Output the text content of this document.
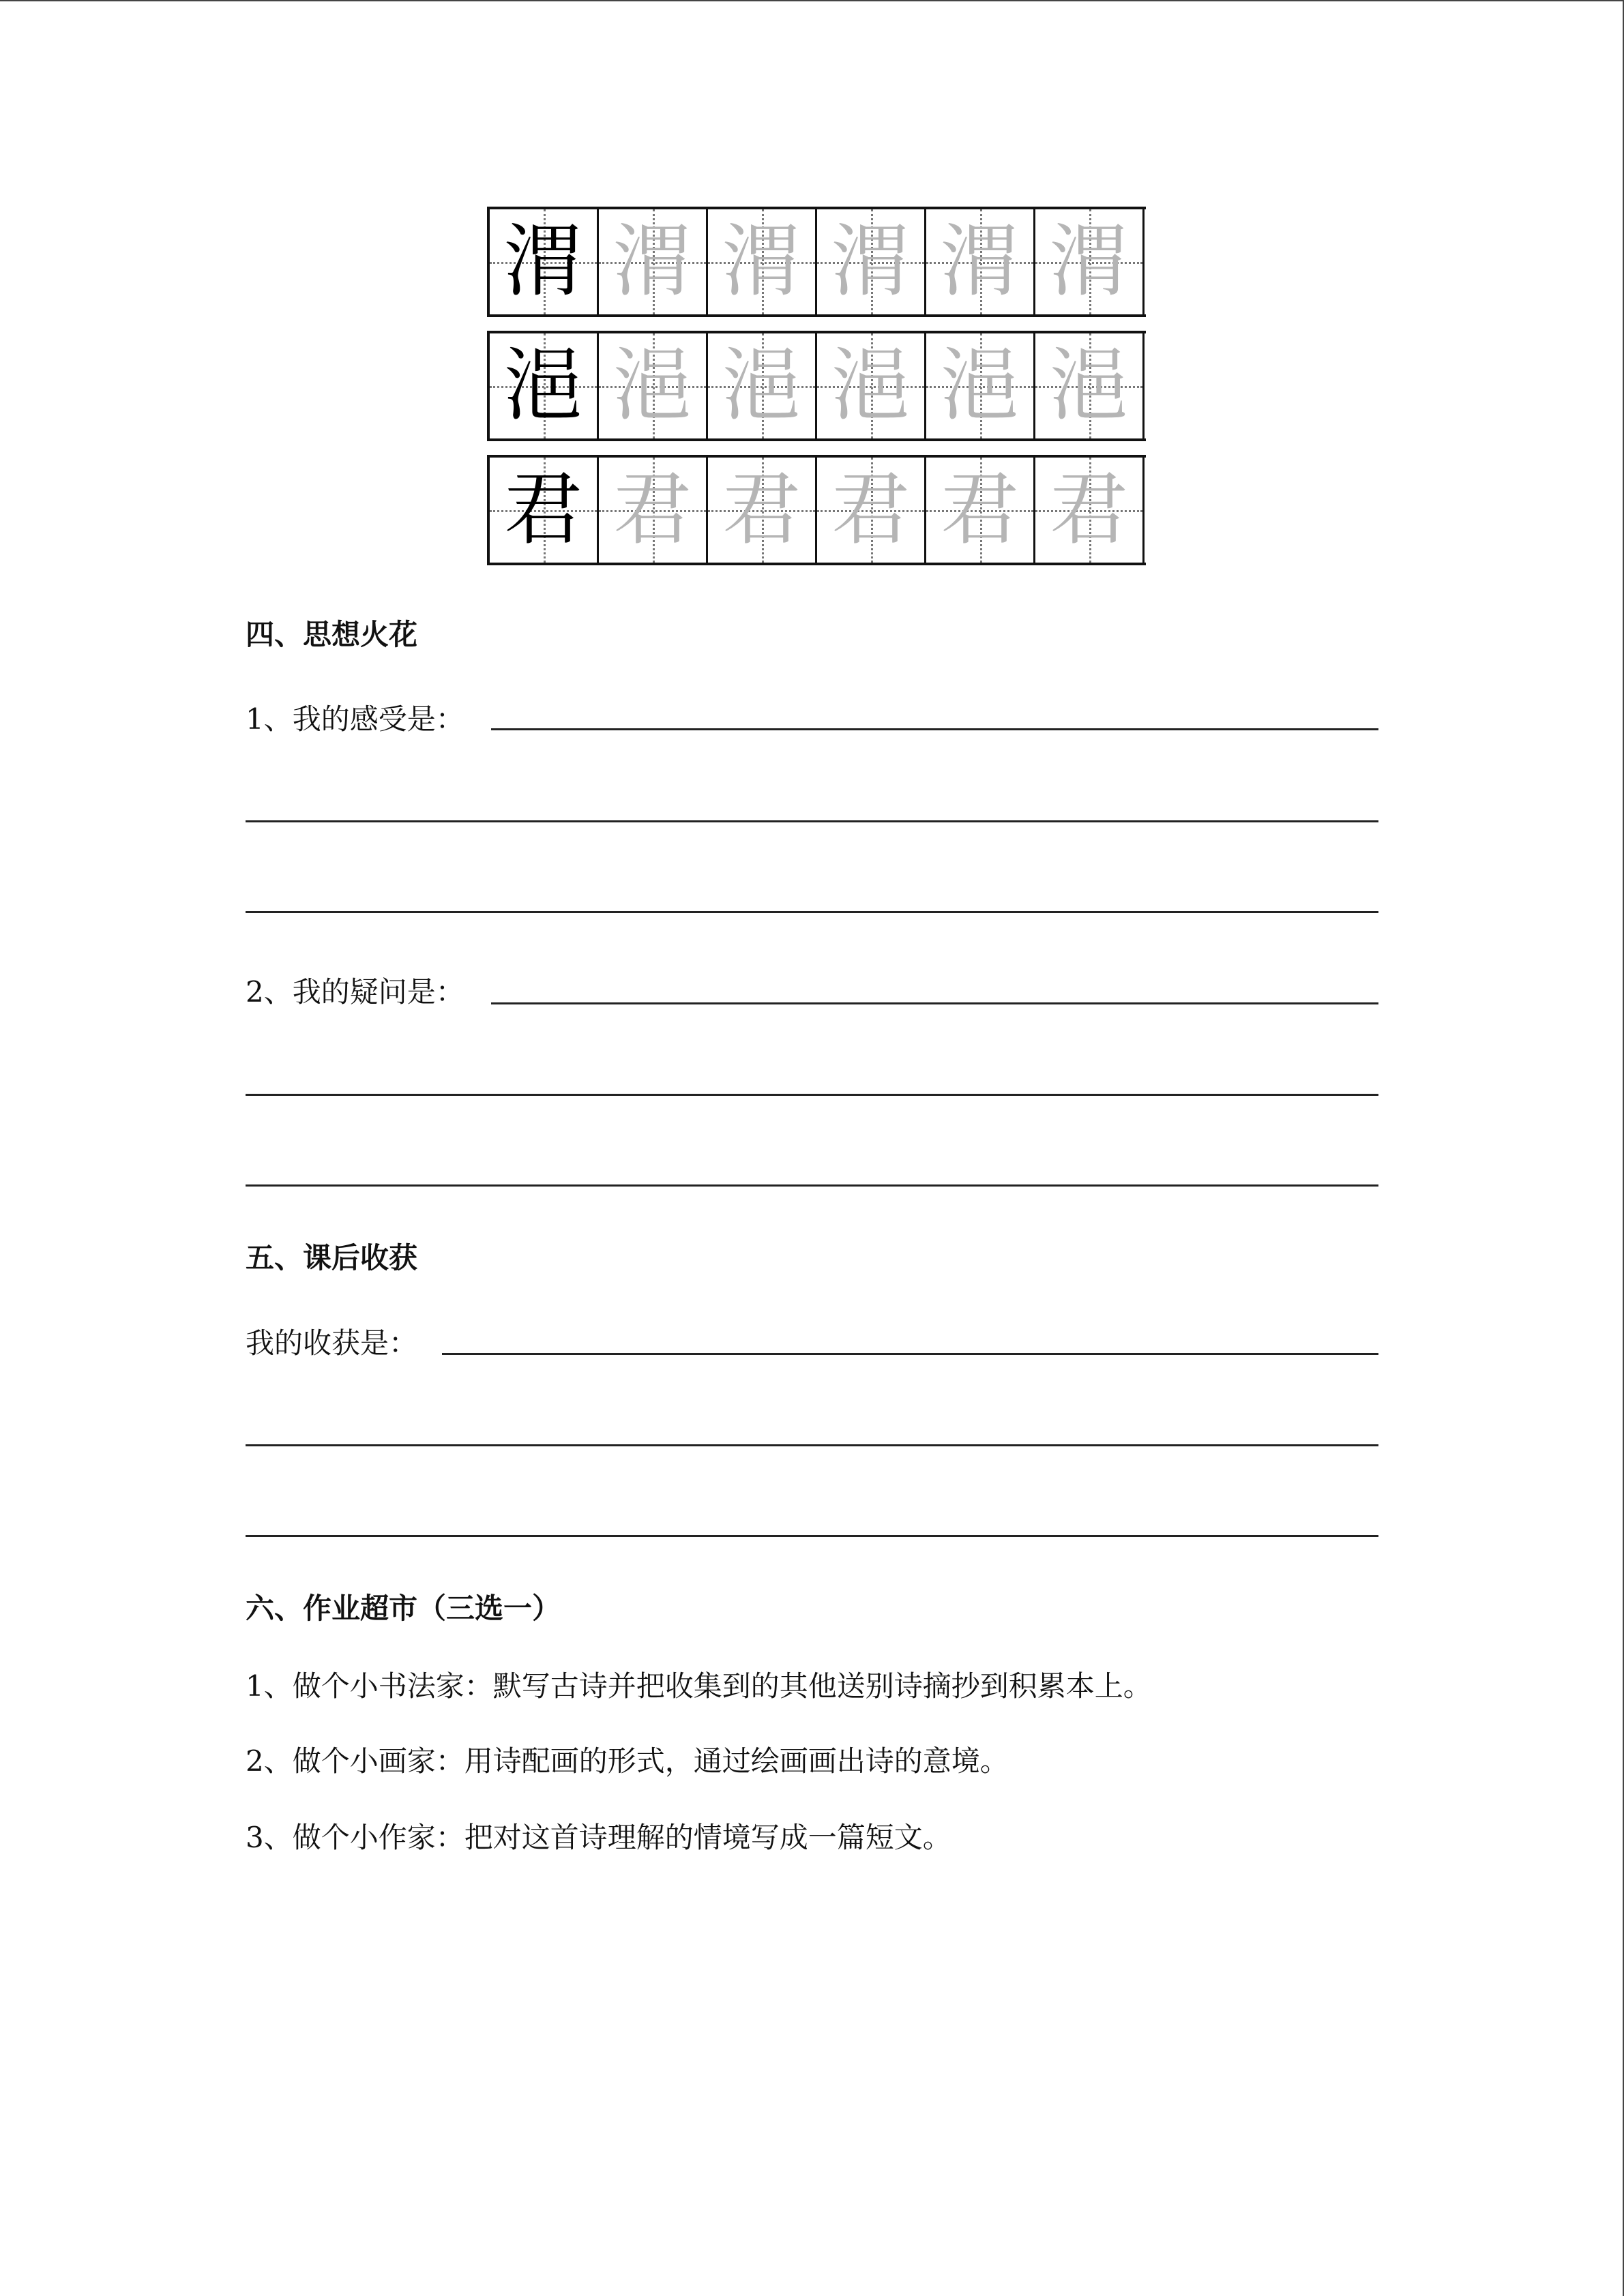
渭 渭 渭 渭 渭 渭
浥 浥 浥 浥 浥 浥
君 君 君 君 君 君
四、思想火花
1、我的感受是：
2、我的疑问是：
五、课后收获
我的收获是：
六、作业超市（三选一）
1、做个小书法家：默写古诗并把收集到的其他送别诗摘抄到积累本上。
2、做个小画家：用诗配画的形式，通过绘画画出诗的意境。
3、做个小作家：把对这首诗理解的情境写成一篇短文。
